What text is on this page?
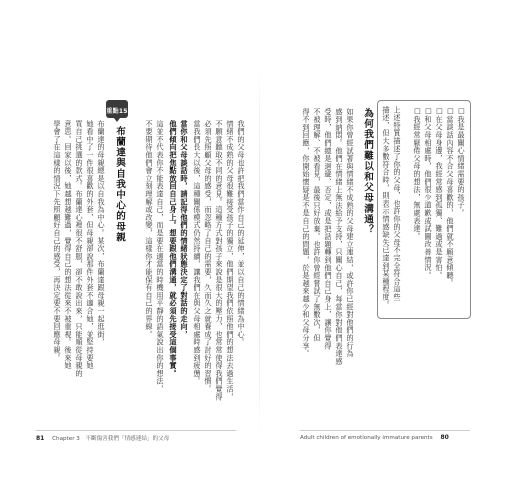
□我是最關心情緒需要的孩子。
□當談話內容不合父母喜歡的，他們就不願意傾聽。
□在父母身邊，我經常感到孤獨、難過或是害怕。
□和父母相處時，他們很少道歉或試圖改善情況。
□我經常厭倦父母的想法，無處表達。
上述特質描述了你的父母，也許你的父母不完全符合這些
描述，但大多數符合時，則表示情感缺失已達到某種程度。
為何我們難以和父母溝通？
如果你曾經試著與情緒不成熟的父母建立連結，或許你已經對他們的行為
感到納悶。他們在情緒上無法給予支持，只關心自己，每當你對他們表達感
受時，他們總是迴避、否定，或是把話題轉到他們自己身上，讓你覺得
不被理解、不被看見，最後只好放棄。也許你曾經嘗試了無數次，但
得不到回應，你開始懷疑是不是自己的問題，於是越來越少和父母分享。
Adult children of emotionally immature parents 80
我們的父母也許把我們當作自己的延伸，並以自己的情緒為中心。
情緒不成熟的父母很難接受孩子的獨立，他們期望我們依照他們的想法去過生活，
不願意聽取不同的意見。這種方式對孩子來說是很大的壓力，也常常使得我們覺得
必須先照顧父母的感受，而忽略了自己的需要，久而久之就養成了討好的習慣。
當我們長大以後，這種關係模式仍然持續，讓我們在與父母相處時感到疲憊。
當你和父母談話時，請記得他們的情緒狀態決定了對話的走向，
他們傾向把焦點放回自己身上。想要跟他們溝通，就必須先接受這個事實。
這並不代表你不能表達自己，而是要在適當的時機用平靜的語氣說出你的想法，
不要期待他們會立刻理解或改變，這樣你才能保有自己的界線。
重點15
布蘭達與自我中心的母親
布蘭達的母親總是以自我為中心。某次，布蘭達跟母親一起逛街，
她看中了一件很喜歡的外套，但母親卻說那件外套不適合她，並堅持要她
買自己挑選的款式。布蘭達心裡很不舒服，卻不敢說出來，只能順從母親的
意思。回家以後，她越想越難過，覺得自己的想法從來不被重視。後來她
學會了在這樣的情況下先照顧好自己的感受，再決定要不要回應母親。
81 Chapter 3　不斷傷害我們「情感連結」的父母
